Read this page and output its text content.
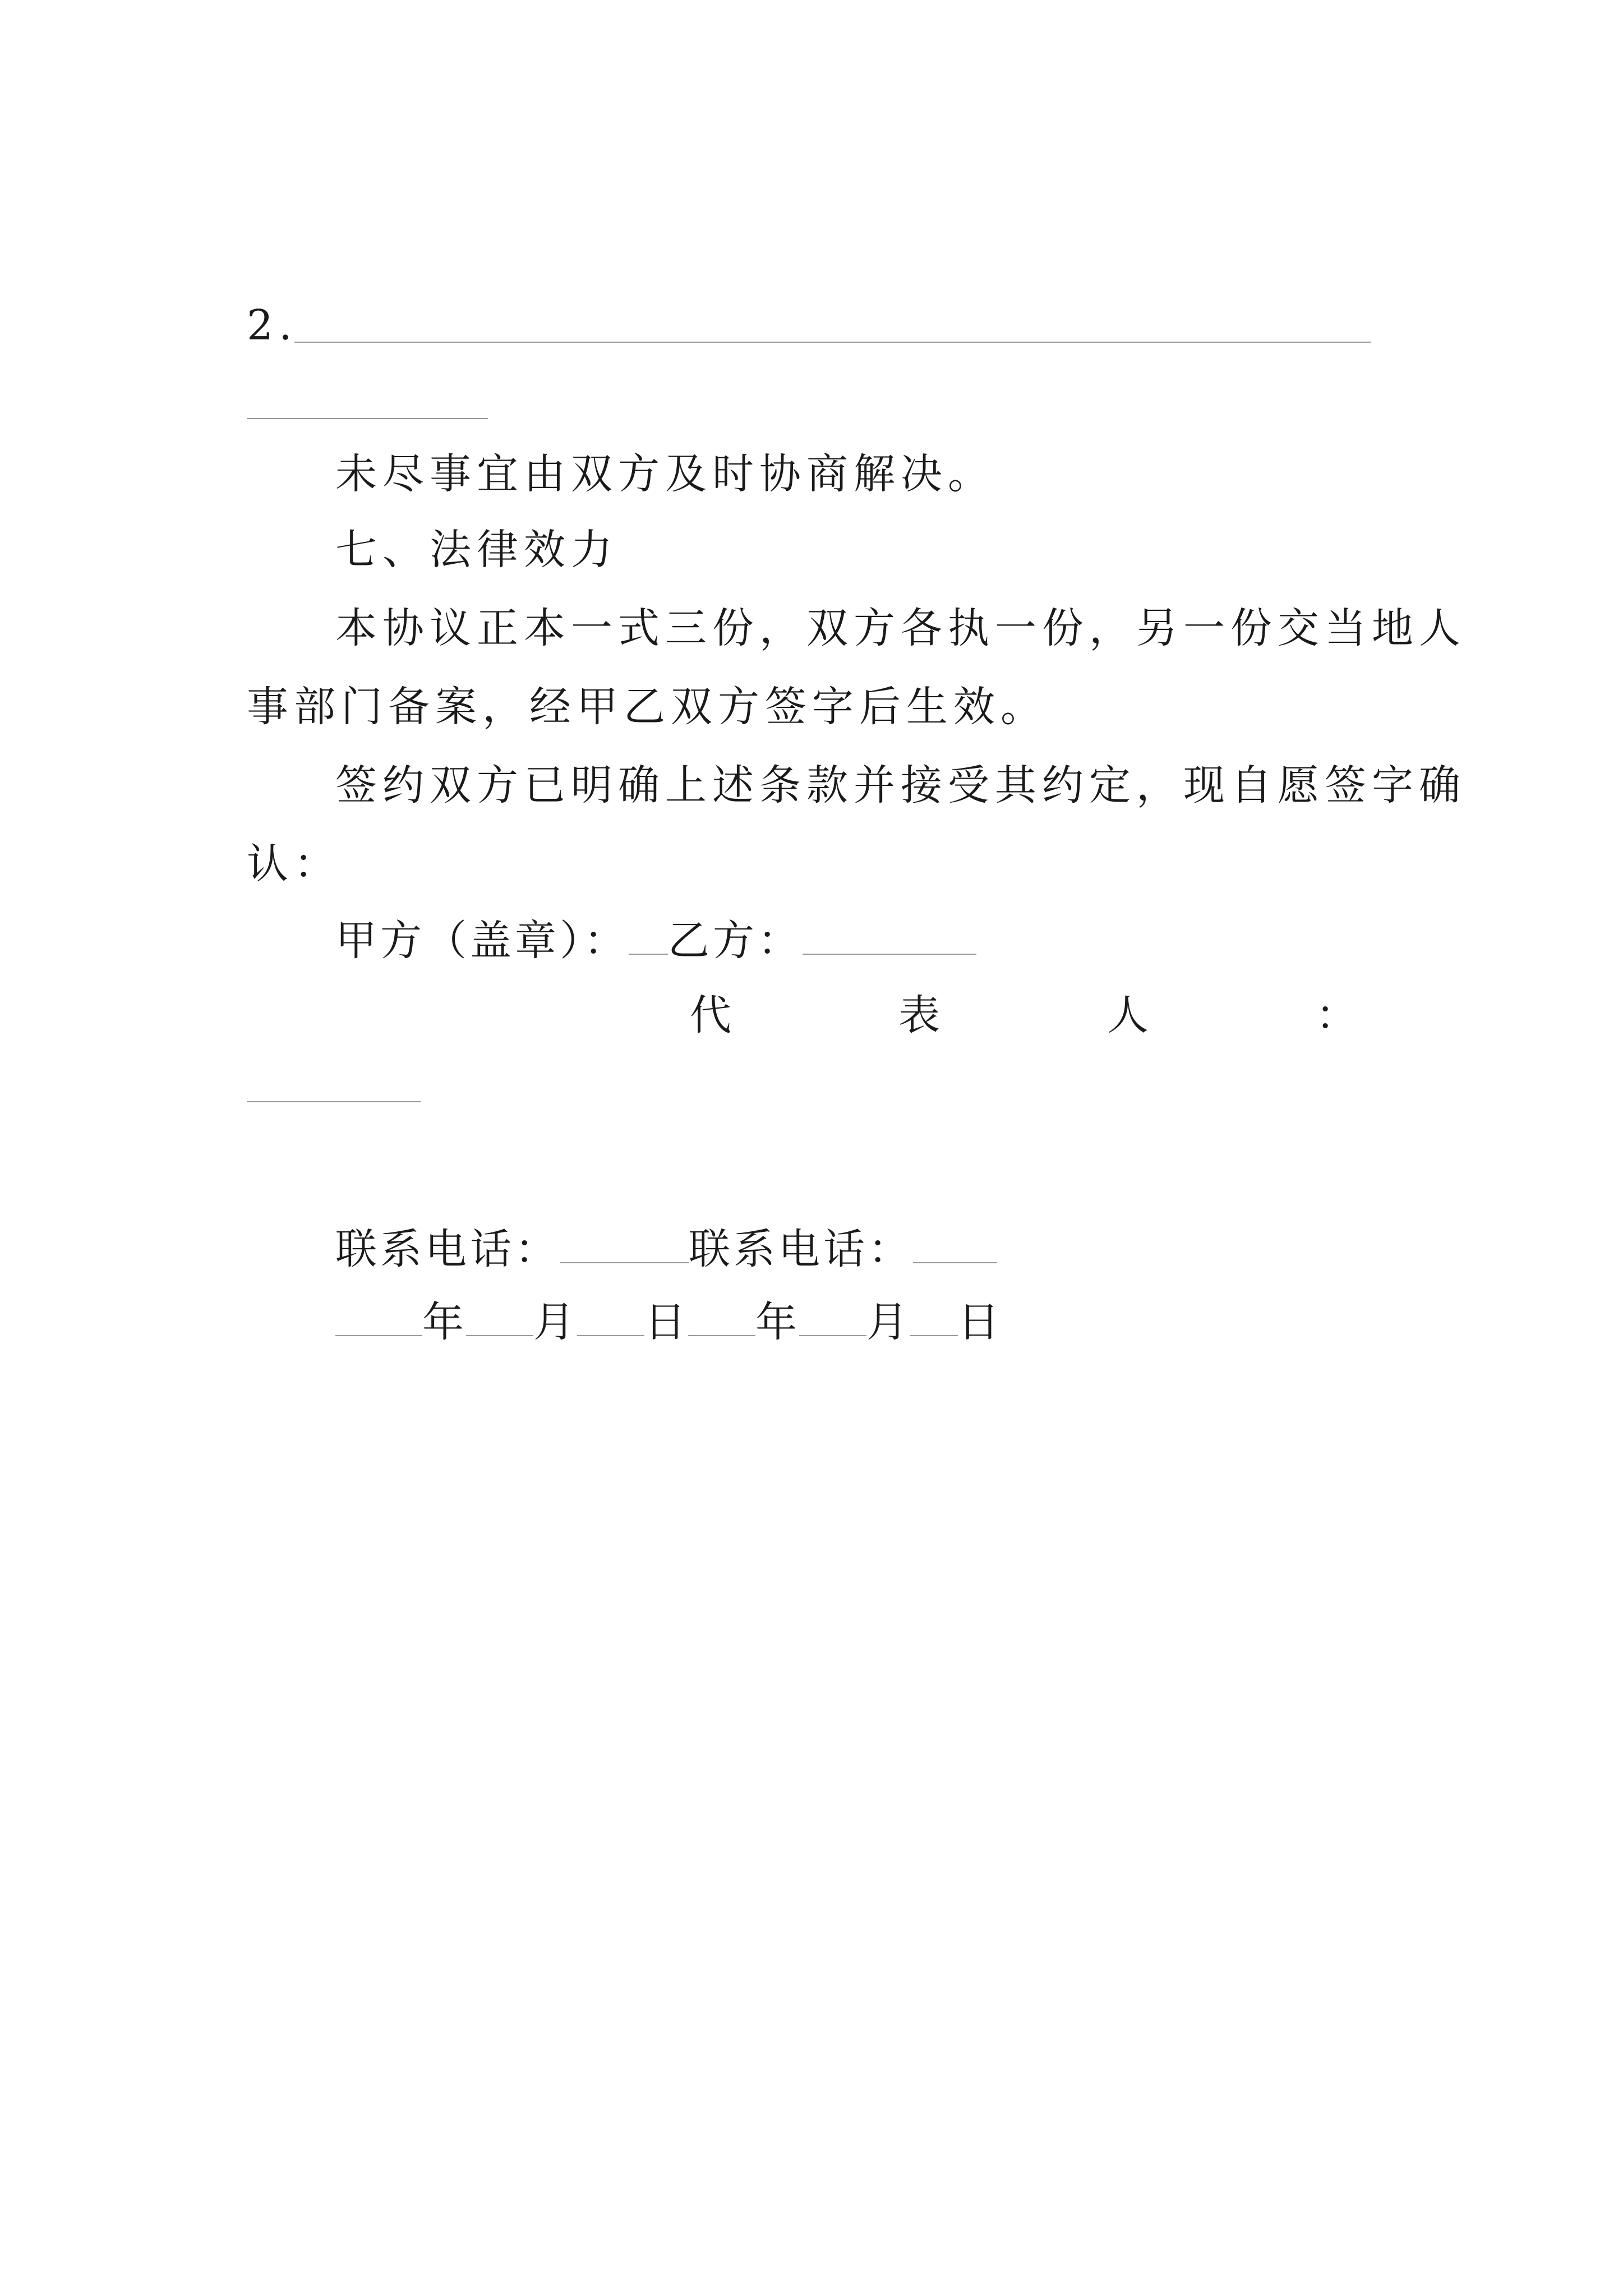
2.
未尽事宜由双方及时协商解决。
七、法律效力
本协议正本一式三份，双方各执一份，另一份交当地人
事部门备案，经甲乙双方签字后生效。
签约双方已明确上述条款并接受其约定，现自愿签字确
认：
甲方（盖章）： 乙方：
代	表	人	：
联系电话：	联系电话：
年 月 日 年 月 日
